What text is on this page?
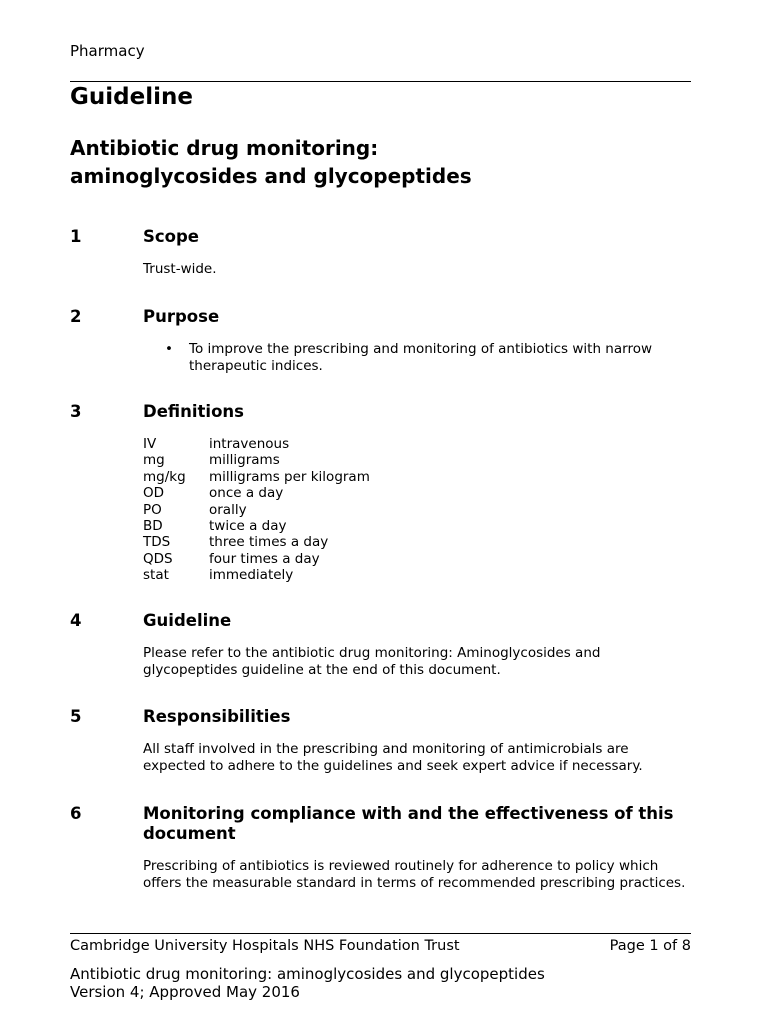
Pharmacy
Guideline
Antibiotic drug monitoring:
aminoglycosides and glycopeptides
1	Scope
Trust-wide.
2	Purpose
• To improve the prescribing and monitoring of antibiotics with narrow therapeutic indices.
3	Definitions
IV	intravenous
mg	milligrams
mg/kg	milligrams per kilogram
OD	once a day
PO	orally
BD	twice a day
TDS	three times a day
QDS	four times a day
stat	immediately
4	Guideline
Please refer to the antibiotic drug monitoring: Aminoglycosides and glycopeptides guideline at the end of this document.
5	Responsibilities
All staff involved in the prescribing and monitoring of antimicrobials are expected to adhere to the guidelines and seek expert advice if necessary.
6	Monitoring compliance with and the effectiveness of this document
Prescribing of antibiotics is reviewed routinely for adherence to policy which offers the measurable standard in terms of recommended prescribing practices.
Cambridge University Hospitals NHS Foundation Trust	Page 1 of 8
Antibiotic drug monitoring: aminoglycosides and glycopeptides
Version 4; Approved May 2016
